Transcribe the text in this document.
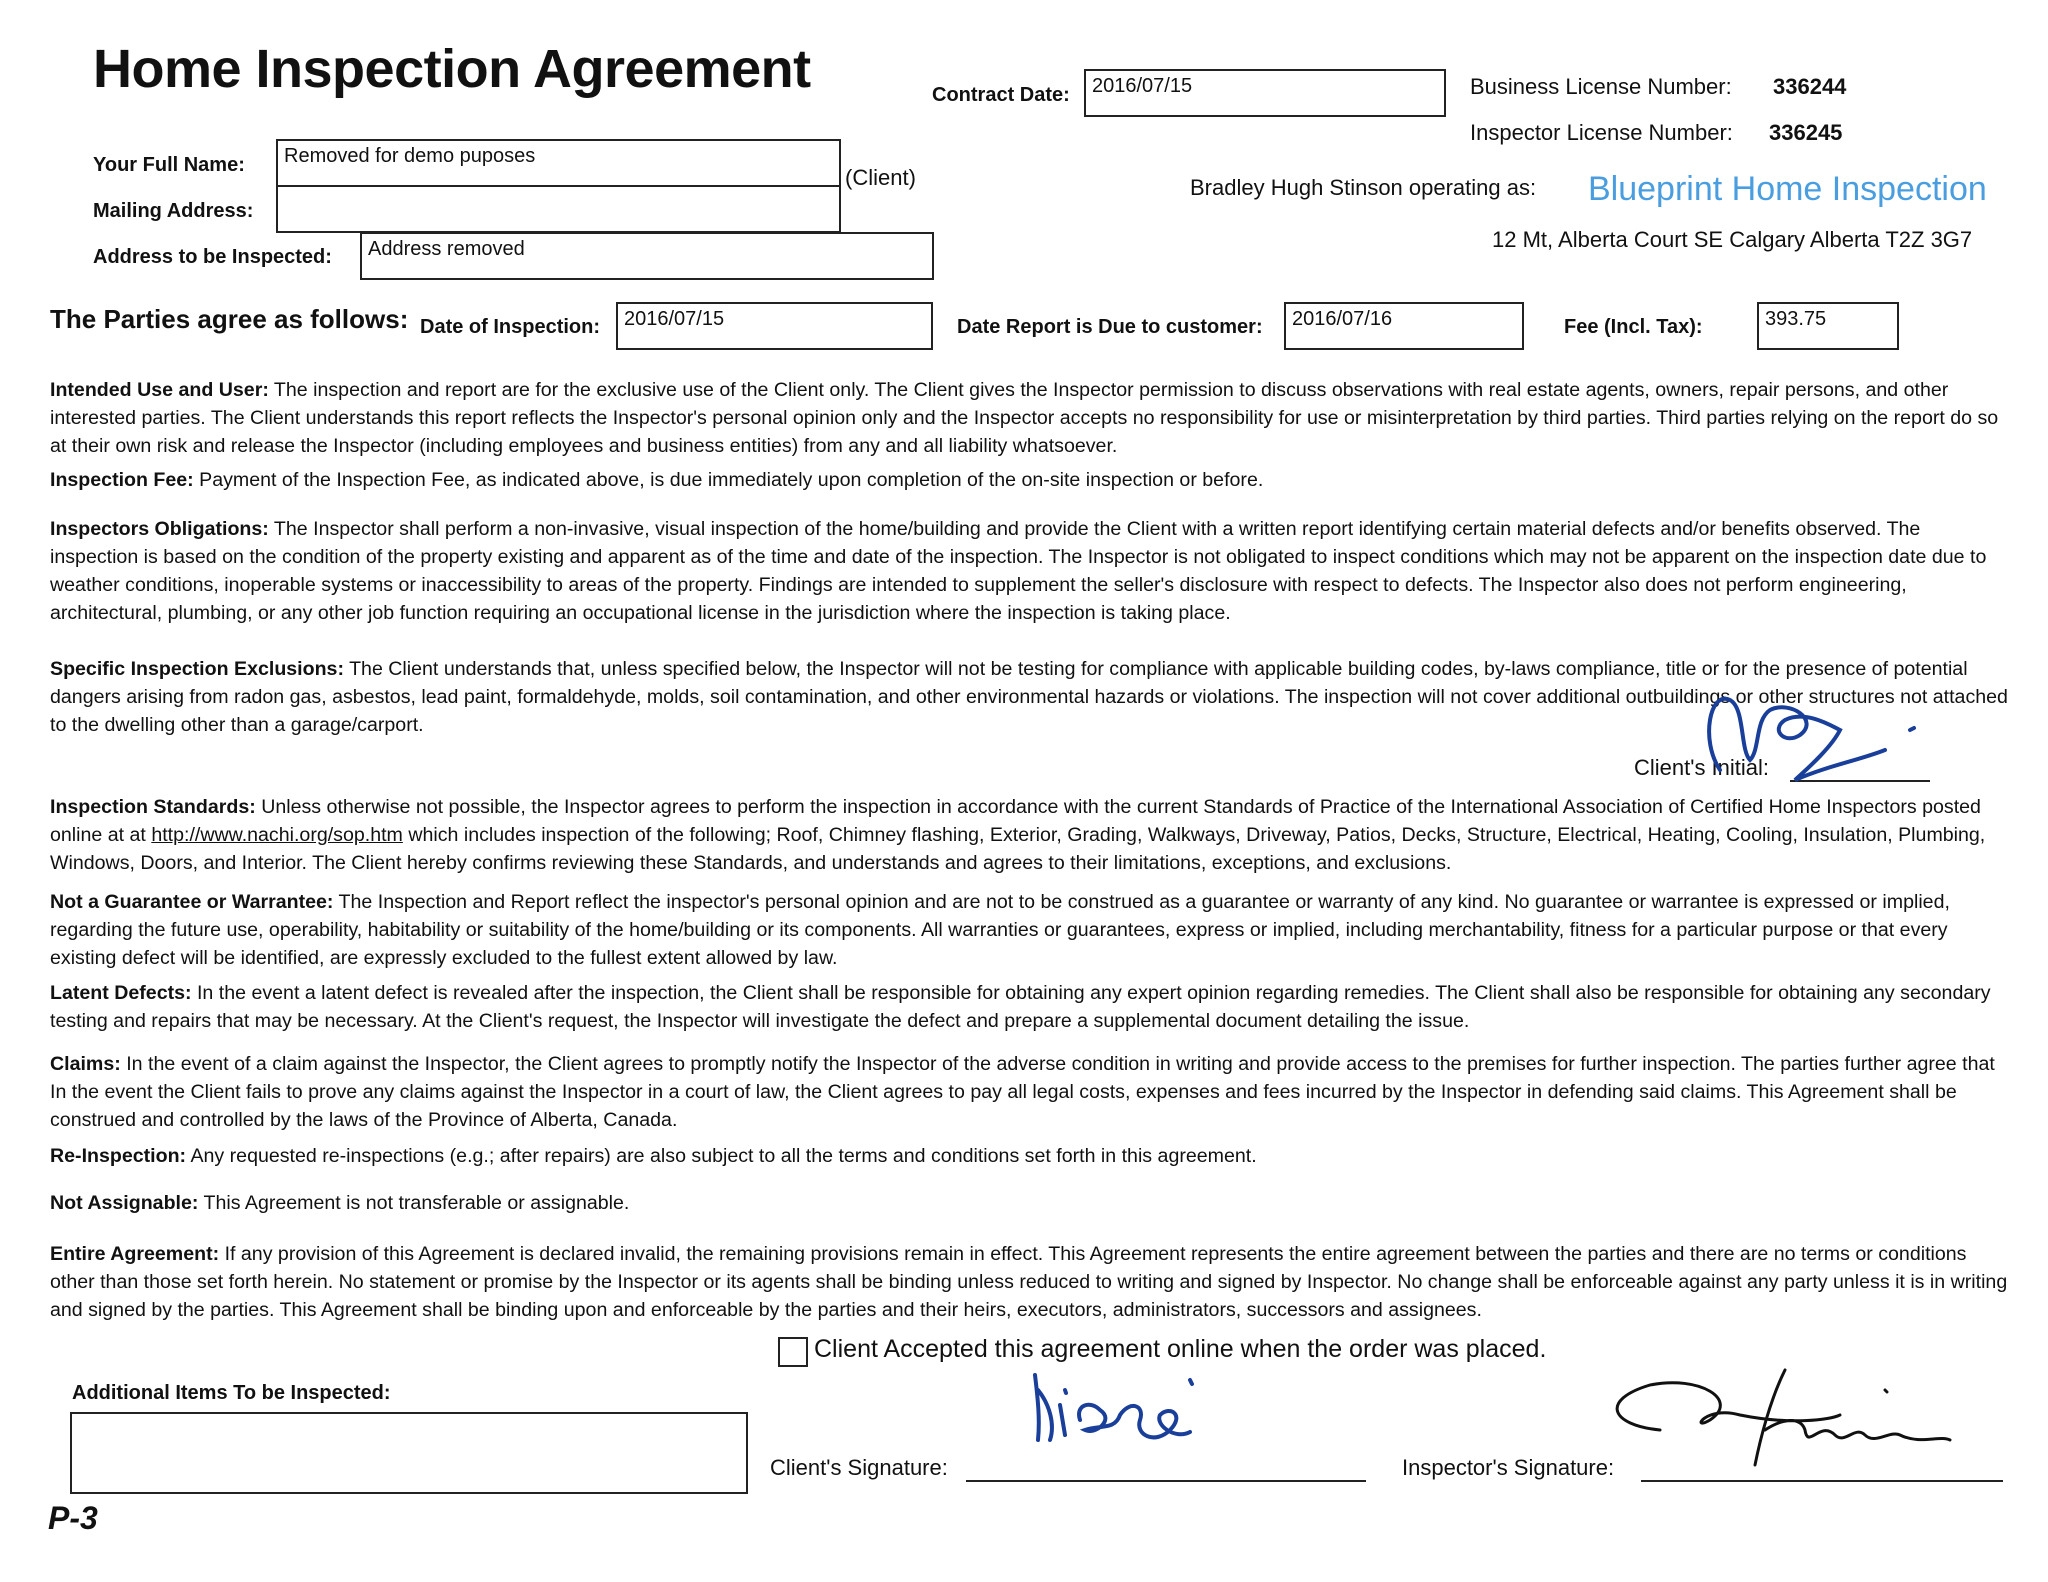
Home Inspection Agreement	Contract Date:	2016/07/15	Business License Number: 336244
Inspector License Number: 336245
Bradley Hugh Stinson operating as: Blueprint Home Inspection
12 Mt, Alberta Court SE Calgary Alberta T2Z 3G7
Your Full Name:	Removed for demo puposes
(Client)
Mailing Address:
Address to be Inspected:	Address removed
The Parties agree as follows: Date of Inspection:	2016/07/15	Date Report is Due to customer:	2016/07/16	Fee (Incl. Tax):	393.75
Intended Use and User: The inspection and report are for the exclusive use of the Client only. The Client gives the Inspector permission to discuss observations with real estate agents, owners, repair persons, and other interested parties. The Client understands this report reflects the Inspector's personal opinion only and the Inspector accepts no responsibility for use or misinterpretation by third parties. Third parties relying on the report do so at their own risk and release the Inspector (including employees and business entities) from any and all liability whatsoever.
Inspection Fee: Payment of the Inspection Fee, as indicated above, is due immediately upon completion of the on-site inspection or before.
Inspectors Obligations: The Inspector shall perform a non-invasive, visual inspection of the home/building and provide the Client with a written report identifying certain material defects and/or benefits observed. The inspection is based on the condition of the property existing and apparent as of the time and date of the inspection. The Inspector is not obligated to inspect conditions which may not be apparent on the inspection date due to weather conditions, inoperable systems or inaccessibility to areas of the property. Findings are intended to supplement the seller's disclosure with respect to defects. The Inspector also does not perform engineering, architectural, plumbing, or any other job function requiring an occupational license in the jurisdiction where the inspection is taking place.
Specific Inspection Exclusions: The Client understands that, unless specified below, the Inspector will not be testing for compliance with applicable building codes, by-laws compliance, title or for the presence of potential dangers arising from radon gas, asbestos, lead paint, formaldehyde, molds, soil contamination, and other environmental hazards or violations. The inspection will not cover additional outbuildings or other structures not attached to the dwelling other than a garage/carport.
Client's Initial:
Inspection Standards: Unless otherwise not possible, the Inspector agrees to perform the inspection in accordance with the current Standards of Practice of the International Association of Certified Home Inspectors posted online at at http://www.nachi.org/sop.htm which includes inspection of the following; Roof, Chimney flashing, Exterior, Grading, Walkways, Driveway, Patios, Decks, Structure, Electrical, Heating, Cooling, Insulation, Plumbing, Windows, Doors, and Interior. The Client hereby confirms reviewing these Standards, and understands and agrees to their limitations, exceptions, and exclusions.
Not a Guarantee or Warrantee: The Inspection and Report reflect the inspector's personal opinion and are not to be construed as a guarantee or warranty of any kind. No guarantee or warrantee is expressed or implied, regarding the future use, operability, habitability or suitability of the home/building or its components. All warranties or guarantees, express or implied, including merchantability, fitness for a particular purpose or that every existing defect will be identified, are expressly excluded to the fullest extent allowed by law.
Latent Defects: In the event a latent defect is revealed after the inspection, the Client shall be responsible for obtaining any expert opinion regarding remedies. The Client shall also be responsible for obtaining any secondary testing and repairs that may be necessary. At the Client's request, the Inspector will investigate the defect and prepare a supplemental document detailing the issue.
Claims: In the event of a claim against the Inspector, the Client agrees to promptly notify the Inspector of the adverse condition in writing and provide access to the premises for further inspection. The parties further agree that In the event the Client fails to prove any claims against the Inspector in a court of law, the Client agrees to pay all legal costs, expenses and fees incurred by the Inspector in defending said claims. This Agreement shall be construed and controlled by the laws of the Province of Alberta, Canada.
Re-Inspection: Any requested re-inspections (e.g.; after repairs) are also subject to all the terms and conditions set forth in this agreement.
Not Assignable: This Agreement is not transferable or assignable.
Entire Agreement: If any provision of this Agreement is declared invalid, the remaining provisions remain in effect. This Agreement represents the entire agreement between the parties and there are no terms or conditions other than those set forth herein. No statement or promise by the Inspector or its agents shall be binding unless reduced to writing and signed by Inspector. No change shall be enforceable against any party unless it is in writing and signed by the parties. This Agreement shall be binding upon and enforceable by the parties and their heirs, executors, administrators, successors and assignees.
Client Accepted this agreement online when the order was placed.
Additional Items To be Inspected:
Client's Signature:	Inspector's Signature:
P-3
